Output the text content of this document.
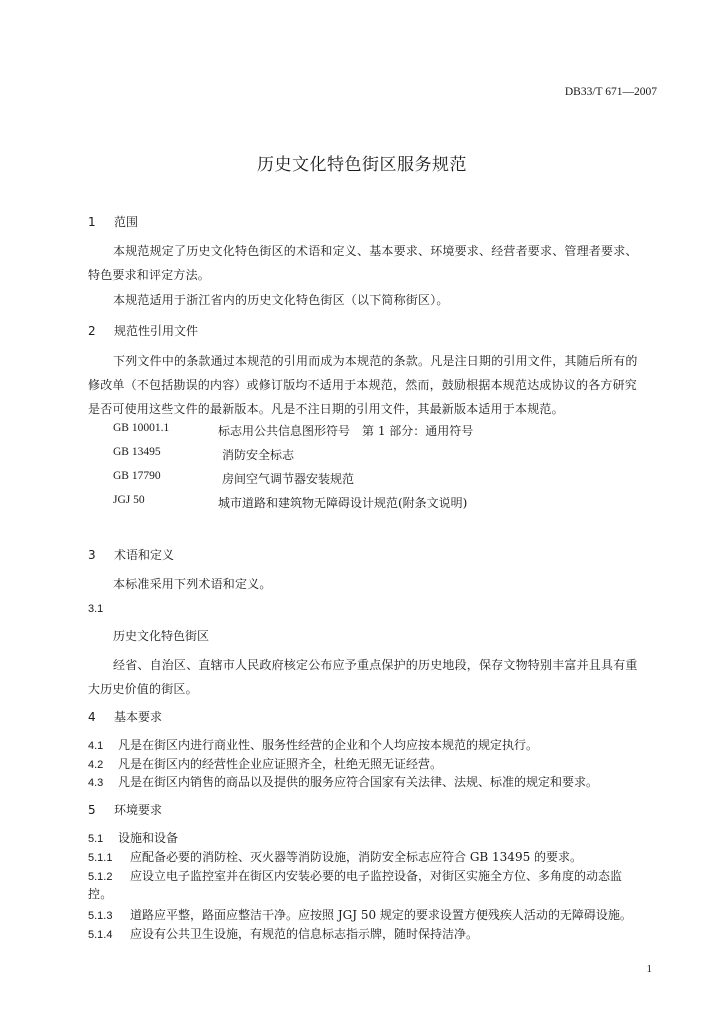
DB33/T 671—2007
历史文化特色街区服务规范
1 范围
本规范规定了历史文化特色街区的术语和定义、基本要求、环境要求、经营者要求、管理者要求、
特色要求和评定方法。
本规范适用于浙江省内的历史文化特色街区（以下简称街区）。
2 规范性引用文件
下列文件中的条款通过本规范的引用而成为本规范的条款。凡是注日期的引用文件，其随后所有的
修改单（不包括勘误的内容）或修订版均不适用于本规范，然而，鼓励根据本规范达成协议的各方研究
是否可使用这些文件的最新版本。凡是不注日期的引用文件，其最新版本适用于本规范。
GB 10001.1	标志用公共信息图形符号　第 1 部分：通用符号
GB 13495	消防安全标志
GB 17790	房间空气调节器安装规范
JGJ 50	城市道路和建筑物无障碍设计规范(附条文说明)
3 术语和定义
本标准采用下列术语和定义。
3.1
历史文化特色街区
经省、自治区、直辖市人民政府核定公布应予重点保护的历史地段，保存文物特别丰富并且具有重
大历史价值的街区。
4 基本要求
4.1 凡是在街区内进行商业性、服务性经营的企业和个人均应按本规范的规定执行。
4.2 凡是在街区内的经营性企业应证照齐全，杜绝无照无证经营。
4.3 凡是在街区内销售的商品以及提供的服务应符合国家有关法律、法规、标准的规定和要求。
5 环境要求
5.1 设施和设备
5.1.1 应配备必要的消防栓、灭火器等消防设施，消防安全标志应符合 GB 13495 的要求。
5.1.2 应设立电子监控室并在街区内安装必要的电子监控设备，对街区实施全方位、多角度的动态监
控。
5.1.3 道路应平整，路面应整洁干净。应按照 JGJ 50 规定的要求设置方便残疾人活动的无障碍设施。
5.1.4 应设有公共卫生设施，有规范的信息标志指示牌，随时保持洁净。
1
